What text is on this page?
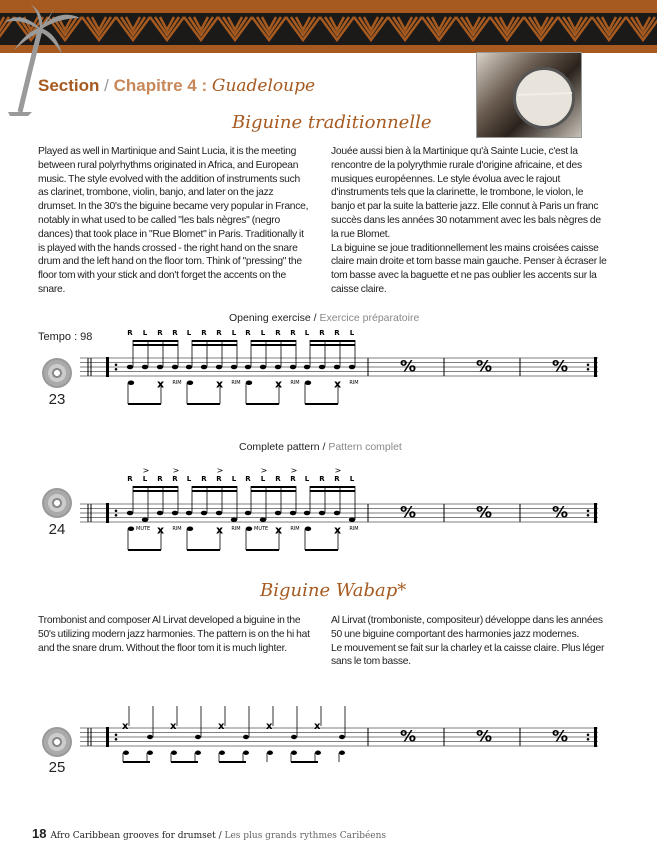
Section / Chapitre 4 : Guadeloupe
Biguine traditionnelle
Played as well in Martinique and Saint Lucia, it is the meeting between rural polyrhythms originated in Africa, and European music. The style evolved with the addition of instruments such as clarinet, trombone, violin, banjo, and later on the jazz drumset. In the 30's the biguine became very popular in France, notably in what used to be called "les bals nègres" (negro dances) that took place in "Rue Blomet" in Paris. Traditionally it is played with the hands crossed - the right hand on the snare drum and the left hand on the floor tom. Think of "pressing" the floor tom with your stick and don't forget the accents on the snare.
Jouée aussi bien à la Martinique qu'à Sainte Lucie, c'est la rencontre de la polyrythmie rurale d'origine africaine, et des musiques européennes. Le style évolua avec le rajout d'instruments tels que la clarinette, le trombone, le violon, le banjo et par la suite la batterie jazz. Elle connut à Paris un franc succès dans les années 30 notamment avec les bals nègres de la rue Blomet.
La biguine se joue traditionnellement les mains croisées caisse claire main droite et tom basse main gauche. Penser à écraser le tom basse avec la baguette et ne pas oublier les accents sur la caisse claire.
Opening exercise / Exercice préparatoire
Tempo : 98
23
%	%	%
R L R R
RIM
x
L R R L
RIM
x
R L R R
RIM
x
L R R L
RIM
x
Complete pattern / Pattern complet
24
%	%	%
R L
>
R R
>
RIM
x
MUTE
L R R
>
L
RIM
x
R L
>
R R
>
RIM
x
MUTE
L R R
>
L
RIM
x
Biguine Wabap*
Trombonist and composer Al Lirvat developed a biguine in the 50's utilizing modern jazz harmonies. The pattern is on the hi hat and the snare drum. Without the floor tom it is much lighter.
Al Lirvat (tromboniste, compositeur) développe dans les années 50 une biguine comportant des harmonies jazz modernes.
Le mouvement se fait sur la charley et la caisse claire. Plus léger sans le tom basse.
25
%	%	%
x	x	x	x	x
18 Afro Caribbean grooves for drumset / Les plus grands rythmes Caribéens
